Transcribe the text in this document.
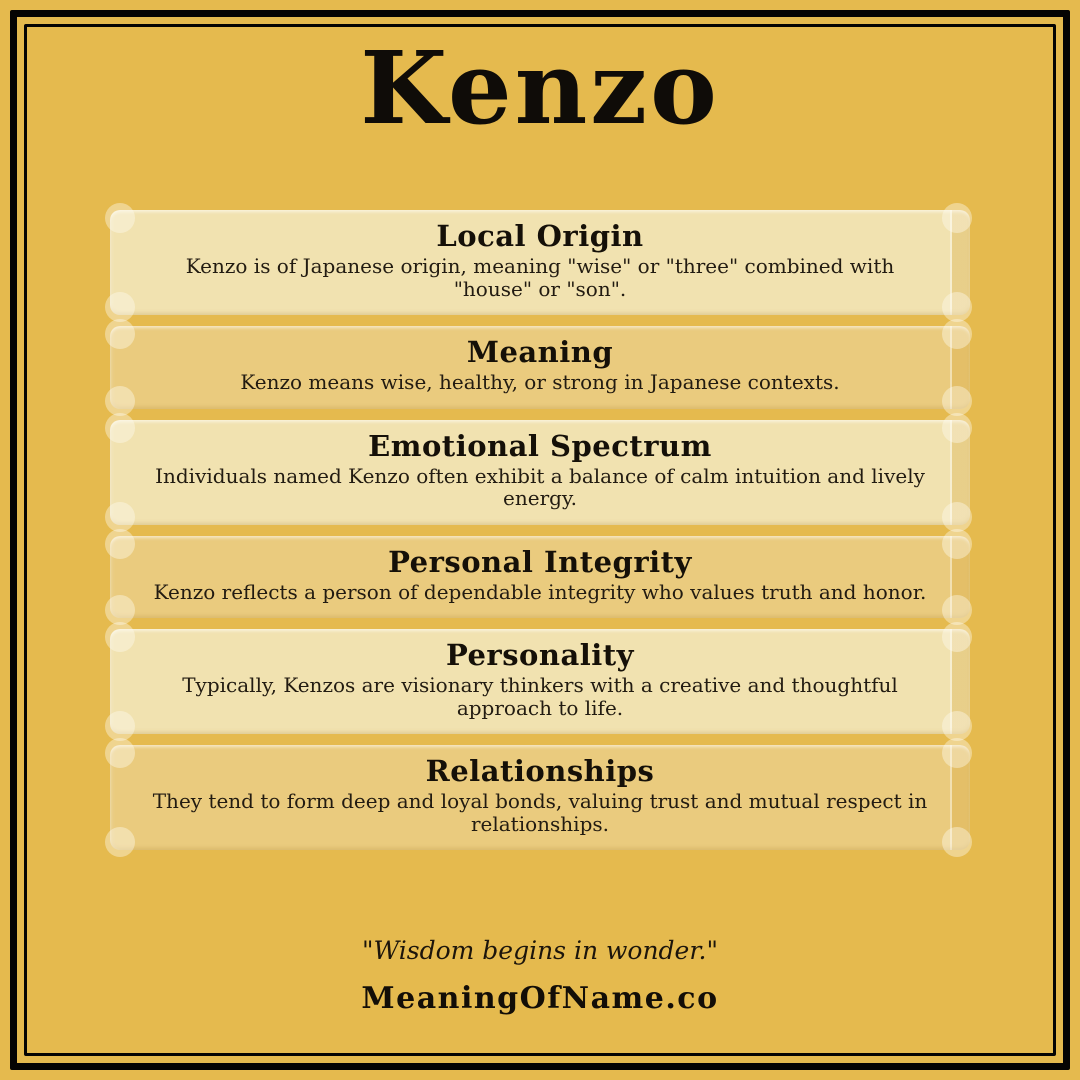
Kenzo
Local Origin

Kenzo is of Japanese origin, meaning "wise" or "three" combined with "house" or "son".

Meaning

Kenzo means wise, healthy, or strong in Japanese contexts.

Emotional Spectrum

Individuals named Kenzo often exhibit a balance of calm intuition and lively energy.

Personal Integrity

Kenzo reflects a person of dependable integrity who values truth and honor.

Personality

Typically, Kenzos are visionary thinkers with a creative and thoughtful approach to life.

Relationships

They tend to form deep and loyal bonds, valuing trust and mutual respect in relationships.

"Wisdom begins in wonder."
MeaningOfName.co
